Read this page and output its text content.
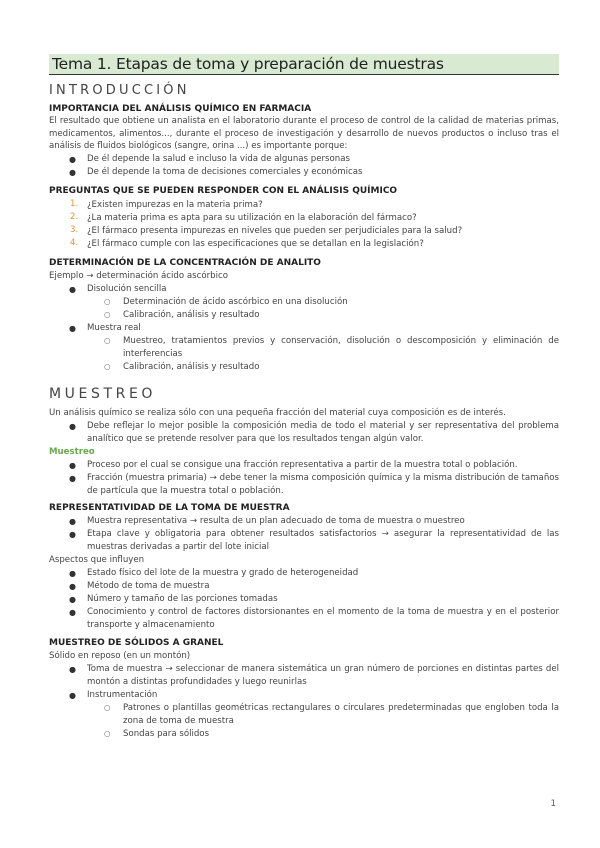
Tema 1. Etapas de toma y preparación de muestras
INTRODUCCIÓN
IMPORTANCIA DEL ANÁLISIS QUÍMICO EN FARMACIA
El resultado que obtiene un analista en el laboratorio durante el proceso de control de la calidad de materias primas, medicamentos, alimentos..., durante el proceso de investigación y desarrollo de nuevos productos o incluso tras el análisis de fluidos biológicos (sangre, orina ...) es importante porque:
● De él depende la salud e incluso la vida de algunas personas
● De él depende la toma de decisiones comerciales y económicas
PREGUNTAS QUE SE PUEDEN RESPONDER CON EL ANÁLISIS QUÍMICO
1. ¿Existen impurezas en la materia prima?
2. ¿La materia prima es apta para su utilización en la elaboración del fármaco?
3. ¿El fármaco presenta impurezas en niveles que pueden ser perjudiciales para la salud?
4. ¿El fármaco cumple con las especificaciones que se detallan en la legislación?
DETERMINACIÓN DE LA CONCENTRACIÓN DE ANALITO
Ejemplo → determinación ácido ascórbico
● Disolución sencilla
○ Determinación de ácido ascórbico en una disolución
○ Calibración, análisis y resultado
● Muestra real
○ Muestreo, tratamientos previos y conservación, disolución o descomposición y eliminación de interferencias
○ Calibración, análisis y resultado
MUESTREO
Un análisis químico se realiza sólo con una pequeña fracción del material cuya composición es de interés.
● Debe reflejar lo mejor posible la composición media de todo el material y ser representativa del problema analítico que se pretende resolver para que los resultados tengan algún valor.
Muestreo
● Proceso por el cual se consigue una fracción representativa a partir de la muestra total o población.
● Fracción (muestra primaria) → debe tener la misma composición química y la misma distribución de tamaños de partícula que la muestra total o población.
REPRESENTATIVIDAD DE LA TOMA DE MUESTRA
● Muestra representativa → resulta de un plan adecuado de toma de muestra o muestreo
● Etapa clave y obligatoria para obtener resultados satisfactorios → asegurar la representatividad de las muestras derivadas a partir del lote inicial
Aspectos que influyen
● Estado físico del lote de la muestra y grado de heterogeneidad
● Método de toma de muestra
● Número y tamaño de las porciones tomadas
● Conocimiento y control de factores distorsionantes en el momento de la toma de muestra y en el posterior transporte y almacenamiento
MUESTREO DE SÓLIDOS A GRANEL
Sólido en reposo (en un montón)
● Toma de muestra → seleccionar de manera sistemática un gran número de porciones en distintas partes del montón a distintas profundidades y luego reunirlas
● Instrumentación
○ Patrones o plantillas geométricas rectangulares o circulares predeterminadas que engloben toda la zona de toma de muestra
○ Sondas para sólidos
1
